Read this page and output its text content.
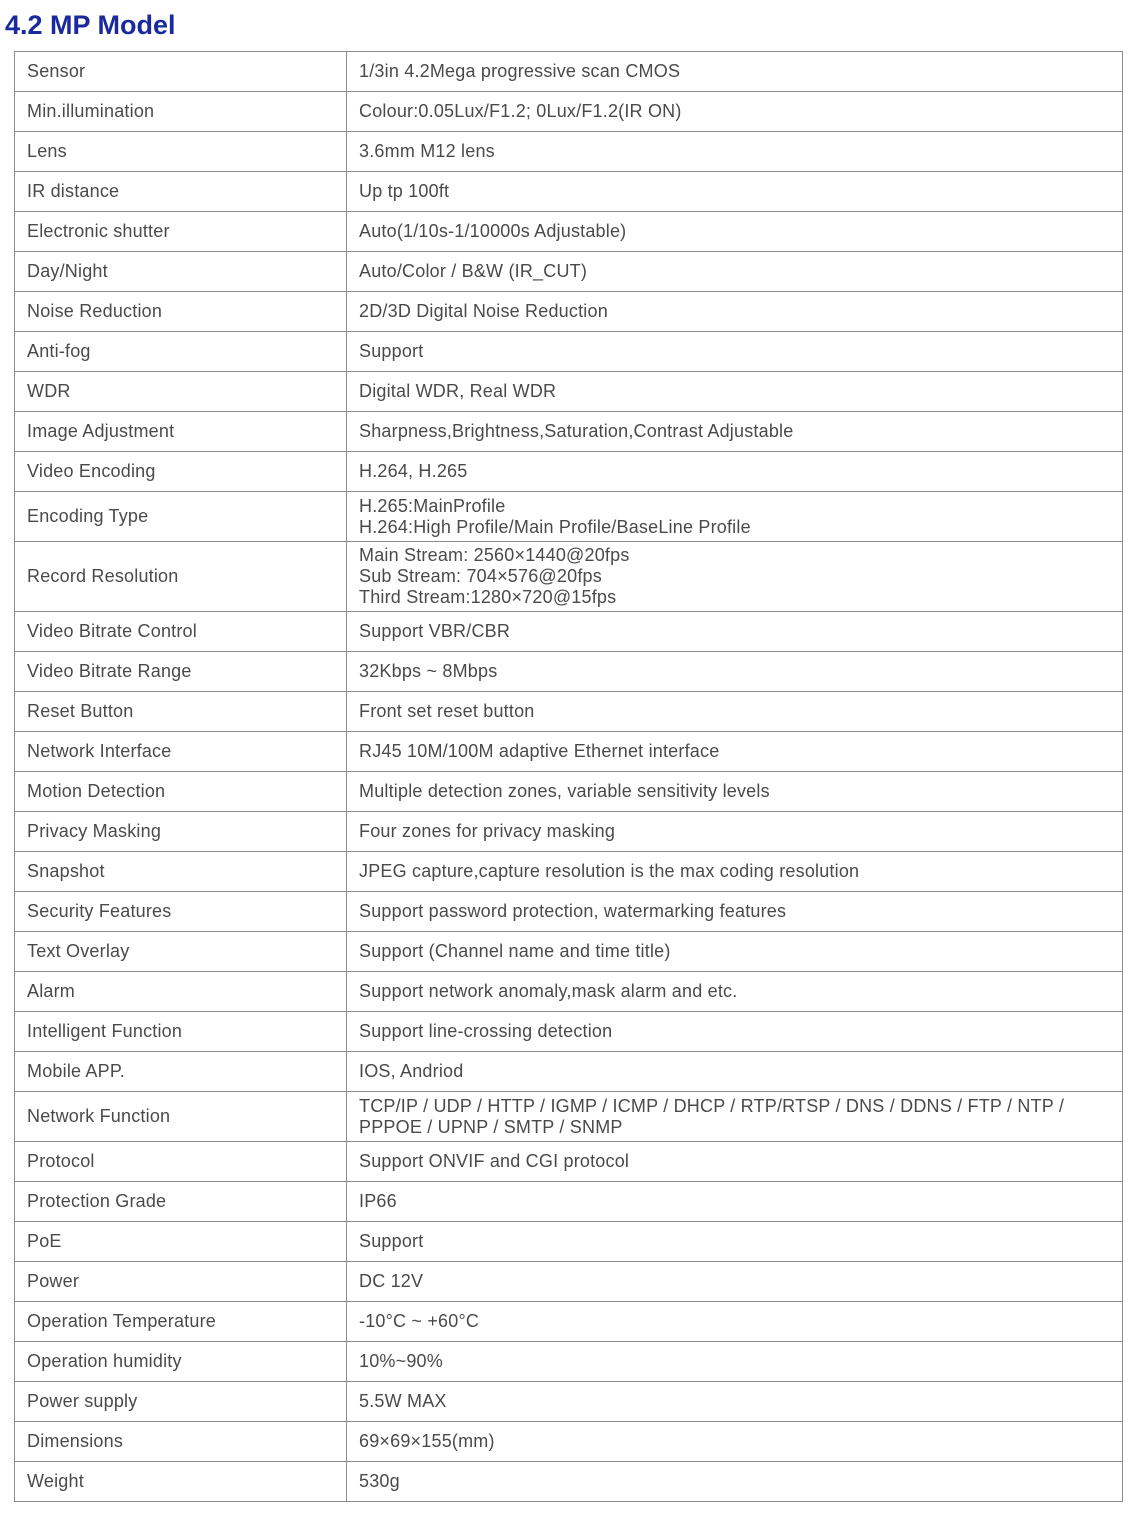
4.2 MP Model
Sensor	1/3in 4.2Mega progressive scan CMOS

Min.illumination	Colour:0.05Lux/F1.2; 0Lux/F1.2(IR ON)

Lens	3.6mm M12 lens

IR distance	Up tp 100ft

Electronic shutter	Auto(1/10s-1/10000s Adjustable)

Day/Night	Auto/Color / B&W (IR_CUT)

Noise Reduction	2D/3D Digital Noise Reduction

Anti-fog	Support

WDR	Digital WDR, Real WDR

Image Adjustment	Sharpness,Brightness,Saturation,Contrast Adjustable

Video Encoding	H.264, H.265

Encoding Type	H.265:MainProfile
H.264:High Profile/Main Profile/BaseLine Profile

Record Resolution	Main Stream: 2560×1440@20fps
Sub Stream: 704×576@20fps
Third Stream:1280×720@15fps

Video Bitrate Control	Support VBR/CBR

Video Bitrate Range	32Kbps ~ 8Mbps

Reset Button	Front set reset button

Network Interface	RJ45 10M/100M adaptive Ethernet interface

Motion Detection	Multiple detection zones, variable sensitivity levels

Privacy Masking	Four zones for privacy masking

Snapshot	JPEG capture,capture resolution is the max coding resolution

Security Features	Support password protection, watermarking features

Text Overlay	Support (Channel name and time title)

Alarm	Support network anomaly,mask alarm and etc.

Intelligent Function	Support line-crossing detection

Mobile APP.	IOS, Andriod

Network Function	TCP/IP / UDP / HTTP / IGMP / ICMP / DHCP / RTP/RTSP / DNS / DDNS / FTP / NTP /
PPPOE / UPNP / SMTP / SNMP

Protocol	Support ONVIF and CGI protocol

Protection Grade	IP66

PoE	Support

Power	DC 12V

Operation Temperature	-10°C ~ +60°C

Operation humidity	10%~90%

Power supply	5.5W MAX

Dimensions	69×69×155(mm)

Weight	530g
